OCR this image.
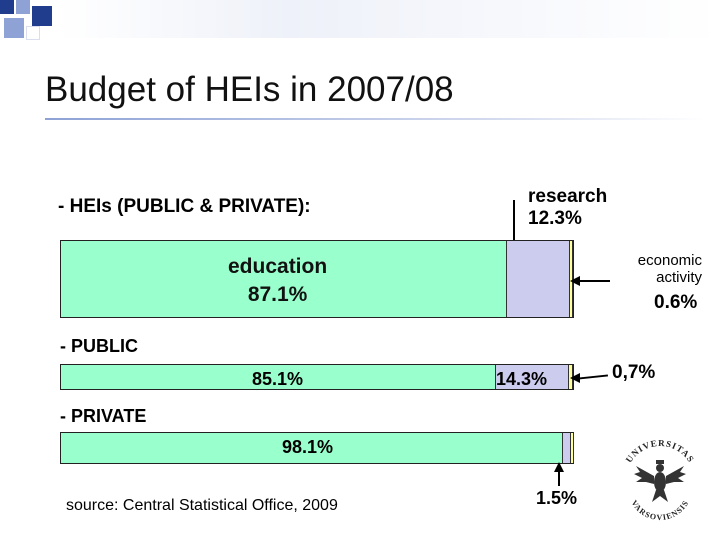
Budget of HEIs in 2007/08
- HEIs (PUBLIC & PRIVATE):	research
12.3%
education
87.1%
economic
activity
0.6%
- PUBLIC
85.1%	14.3%	0,7%
- PRIVATE
98.1%
1.5%
source: Central Statistical Office, 2009
UNIVERSITAS
VARSOVIENSIS
